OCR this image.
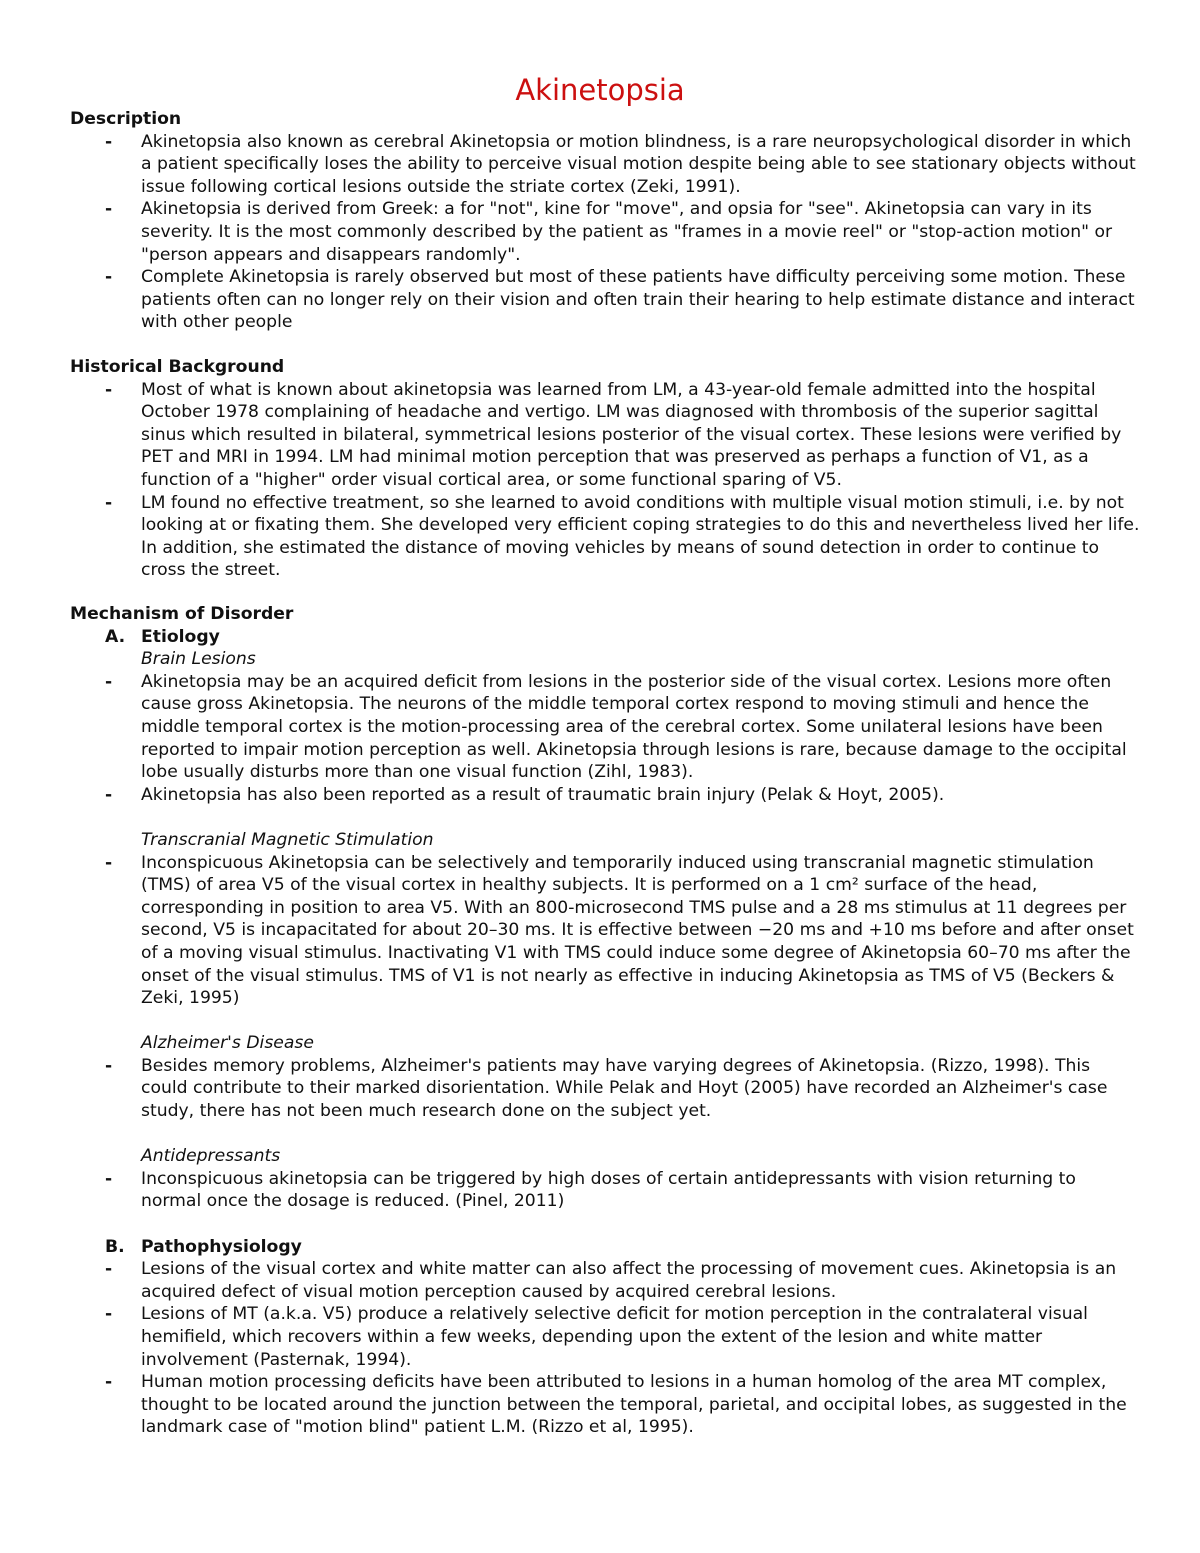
Akinetopsia
Description
-	Akinetopsia also known as cerebral Akinetopsia or motion blindness, is a rare neuropsychological disorder in which a patient specifically loses the ability to perceive visual motion despite being able to see stationary objects without issue following cortical lesions outside the striate cortex (Zeki, 1991).
-	Akinetopsia is derived from Greek: a for "not", kine for "move", and opsia for "see". Akinetopsia can vary in its severity. It is the most commonly described by the patient as "frames in a movie reel" or "stop-action motion" or "person appears and disappears randomly".
-	Complete Akinetopsia is rarely observed but most of these patients have difficulty perceiving some motion. These patients often can no longer rely on their vision and often train their hearing to help estimate distance and interact with other people
Historical Background
-	Most of what is known about akinetopsia was learned from LM, a 43-year-old female admitted into the hospital October 1978 complaining of headache and vertigo. LM was diagnosed with thrombosis of the superior sagittal sinus which resulted in bilateral, symmetrical lesions posterior of the visual cortex. These lesions were verified by PET and MRI in 1994. LM had minimal motion perception that was preserved as perhaps a function of V1, as a function of a "higher" order visual cortical area, or some functional sparing of V5.
-	LM found no effective treatment, so she learned to avoid conditions with multiple visual motion stimuli, i.e. by not looking at or fixating them. She developed very efficient coping strategies to do this and nevertheless lived her life. In addition, she estimated the distance of moving vehicles by means of sound detection in order to continue to cross the street.
Mechanism of Disorder
A. Etiology
Brain Lesions
-	Akinetopsia may be an acquired deficit from lesions in the posterior side of the visual cortex. Lesions more often cause gross Akinetopsia. The neurons of the middle temporal cortex respond to moving stimuli and hence the middle temporal cortex is the motion-processing area of the cerebral cortex. Some unilateral lesions have been reported to impair motion perception as well. Akinetopsia through lesions is rare, because damage to the occipital lobe usually disturbs more than one visual function (Zihl, 1983).
-	Akinetopsia has also been reported as a result of traumatic brain injury (Pelak & Hoyt, 2005).
Transcranial Magnetic Stimulation
-	Inconspicuous Akinetopsia can be selectively and temporarily induced using transcranial magnetic stimulation (TMS) of area V5 of the visual cortex in healthy subjects. It is performed on a 1 cm² surface of the head, corresponding in position to area V5. With an 800-microsecond TMS pulse and a 28 ms stimulus at 11 degrees per second, V5 is incapacitated for about 20–30 ms. It is effective between −20 ms and +10 ms before and after onset of a moving visual stimulus. Inactivating V1 with TMS could induce some degree of Akinetopsia 60–70 ms after the onset of the visual stimulus. TMS of V1 is not nearly as effective in inducing Akinetopsia as TMS of V5 (Beckers & Zeki, 1995)
Alzheimer's Disease
-	Besides memory problems, Alzheimer's patients may have varying degrees of Akinetopsia. (Rizzo, 1998). This could contribute to their marked disorientation. While Pelak and Hoyt (2005) have recorded an Alzheimer's case study, there has not been much research done on the subject yet.
Antidepressants
-	Inconspicuous akinetopsia can be triggered by high doses of certain antidepressants with vision returning to normal once the dosage is reduced. (Pinel, 2011)
B. Pathophysiology
-	Lesions of the visual cortex and white matter can also affect the processing of movement cues. Akinetopsia is an acquired defect of visual motion perception caused by acquired cerebral lesions.
-	Lesions of MT (a.k.a. V5) produce a relatively selective deficit for motion perception in the contralateral visual hemifield, which recovers within a few weeks, depending upon the extent of the lesion and white matter involvement (Pasternak, 1994).
-	Human motion processing deficits have been attributed to lesions in a human homolog of the area MT complex, thought to be located around the junction between the temporal, parietal, and occipital lobes, as suggested in the landmark case of "motion blind" patient L.M. (Rizzo et al, 1995).
